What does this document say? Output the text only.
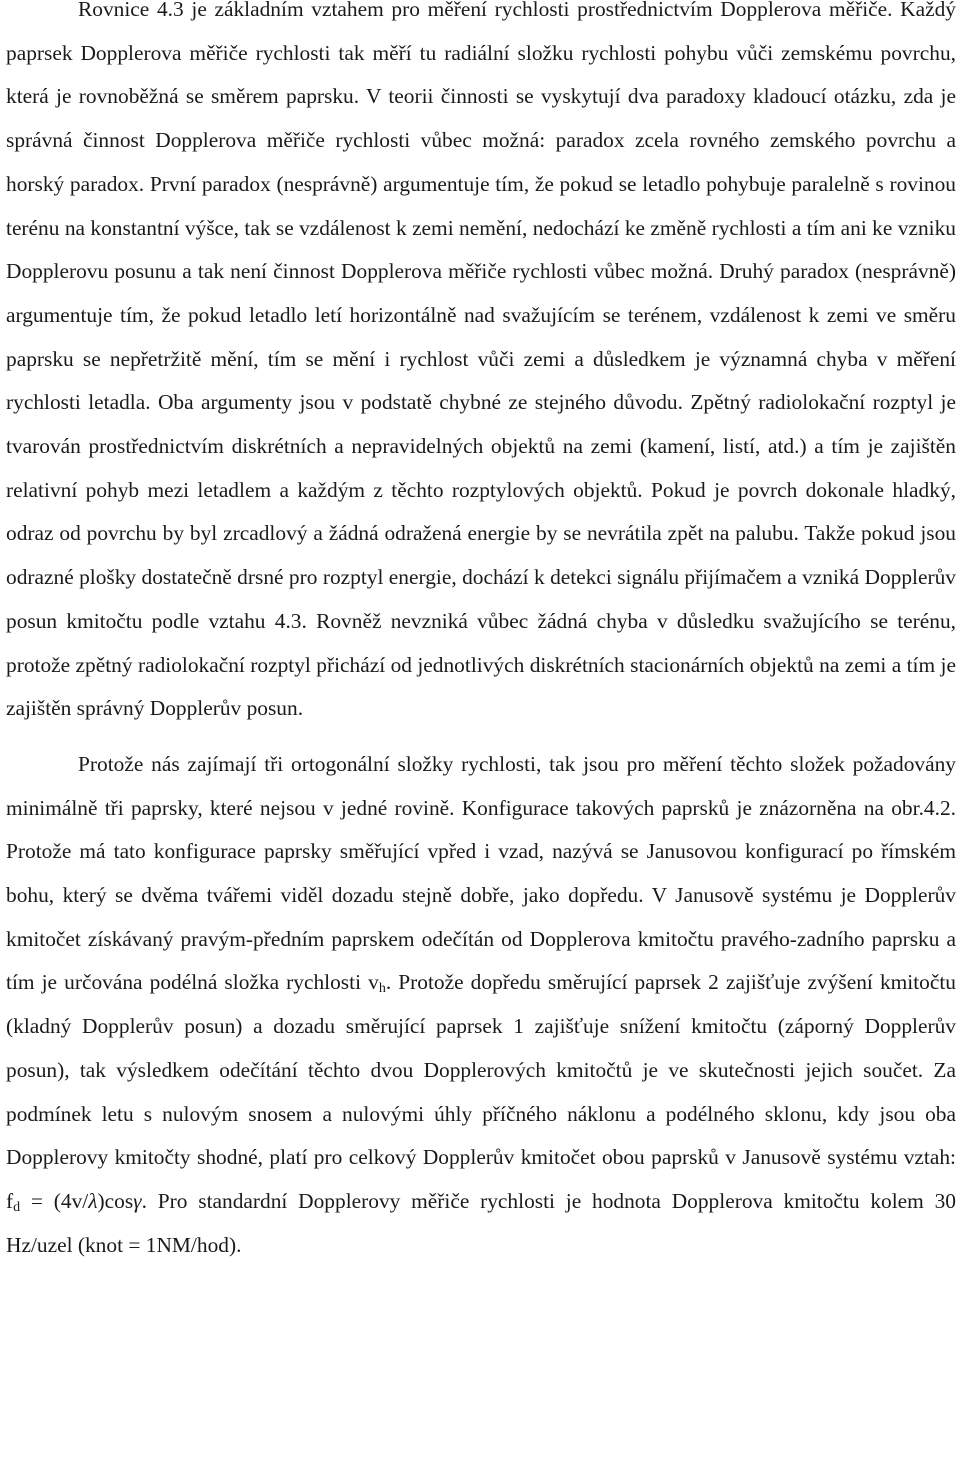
Rovnice 4.3 je základním vztahem pro měření rychlosti prostřednictvím Dopplerova měřiče. Každý paprsek Dopplerova měřiče rychlosti tak měří tu radiální složku rychlosti pohybu vůči zemskému povrchu, která je rovnoběžná se směrem paprsku. V teorii činnosti se vyskytují dva paradoxy kladoucí otázku, zda je správná činnost Dopplerova měřiče rychlosti vůbec možná: paradox zcela rovného zemského povrchu a horský paradox. První paradox (nesprávně) argumentuje tím, že pokud se letadlo pohybuje paralelně s rovinou terénu na konstantní výšce, tak se vzdálenost k zemi nemění, nedochází ke změně rychlosti a tím ani ke vzniku Dopplerovu posunu a tak není činnost Dopplerova měřiče rychlosti vůbec možná. Druhý paradox (nesprávně) argumentuje tím, že pokud letadlo letí horizontálně nad svažujícím se terénem, vzdálenost k zemi ve směru paprsku se nepřetržitě mění, tím se mění i rychlost vůči zemi a důsledkem je významná chyba v měření rychlosti letadla. Oba argumenty jsou v podstatě chybné ze stejného důvodu. Zpětný radiolokační rozptyl je tvarován prostřednictvím diskrétních a nepravidelných objektů na zemi (kamení, listí, atd.) a tím je zajištěn relativní pohyb mezi letadlem a každým z těchto rozptylových objektů. Pokud je povrch dokonale hladký, odraz od povrchu by byl zrcadlový a žádná odražená energie by se nevrátila zpět na palubu. Takže pokud jsou odrazné plošky dostatečně drsné pro rozptyl energie, dochází k detekci signálu přijímačem a vzniká Dopplerův posun kmitočtu podle vztahu 4.3. Rovněž nevzniká vůbec žádná chyba v důsledku svažujícího se terénu, protože zpětný radiolokační rozptyl přichází od jednotlivých diskrétních stacionárních objektů na zemi a tím je zajištěn správný Dopplerův posun.

Protože nás zajímají tři ortogonální složky rychlosti, tak jsou pro měření těchto složek požadovány minimálně tři paprsky, které nejsou v jedné rovině. Konfigurace takových paprsků je znázorněna na obr.4.2. Protože má tato konfigurace paprsky směřující vpřed i vzad, nazývá se Janusovou konfigurací po římském bohu, který se dvěma tvářemi viděl dozadu stejně dobře, jako dopředu. V Janusově systému je Dopplerův kmitočet získávaný pravým-předním paprskem odečítán od Dopplerova kmitočtu pravého-zadního paprsku a tím je určována podélná složka rychlosti $v_h$. Protože dopředu směrující paprsek 2 zajišťuje zvýšení kmitočtu (kladný Dopplerův posun) a dozadu směrující paprsek 1 zajišťuje snížení kmitočtu (záporný Dopplerův posun), tak výsledkem odečítání těchto dvou Dopplerových kmitočtů je ve skutečnosti jejich součet. Za podmínek letu s nulovým snosem a nulovými úhly příčného náklonu a podélného sklonu, kdy jsou oba Dopplerovy kmitočty shodné, platí pro celkový Dopplerův kmitočet obou paprsků v Janusově systému vztah: $f_d = (4v/\lambda)\cos\gamma$. Pro standardní Dopplerovy měřiče rychlosti je hodnota Dopplerova kmitočtu kolem 30 Hz/uzel (knot = 1NM/hod).
